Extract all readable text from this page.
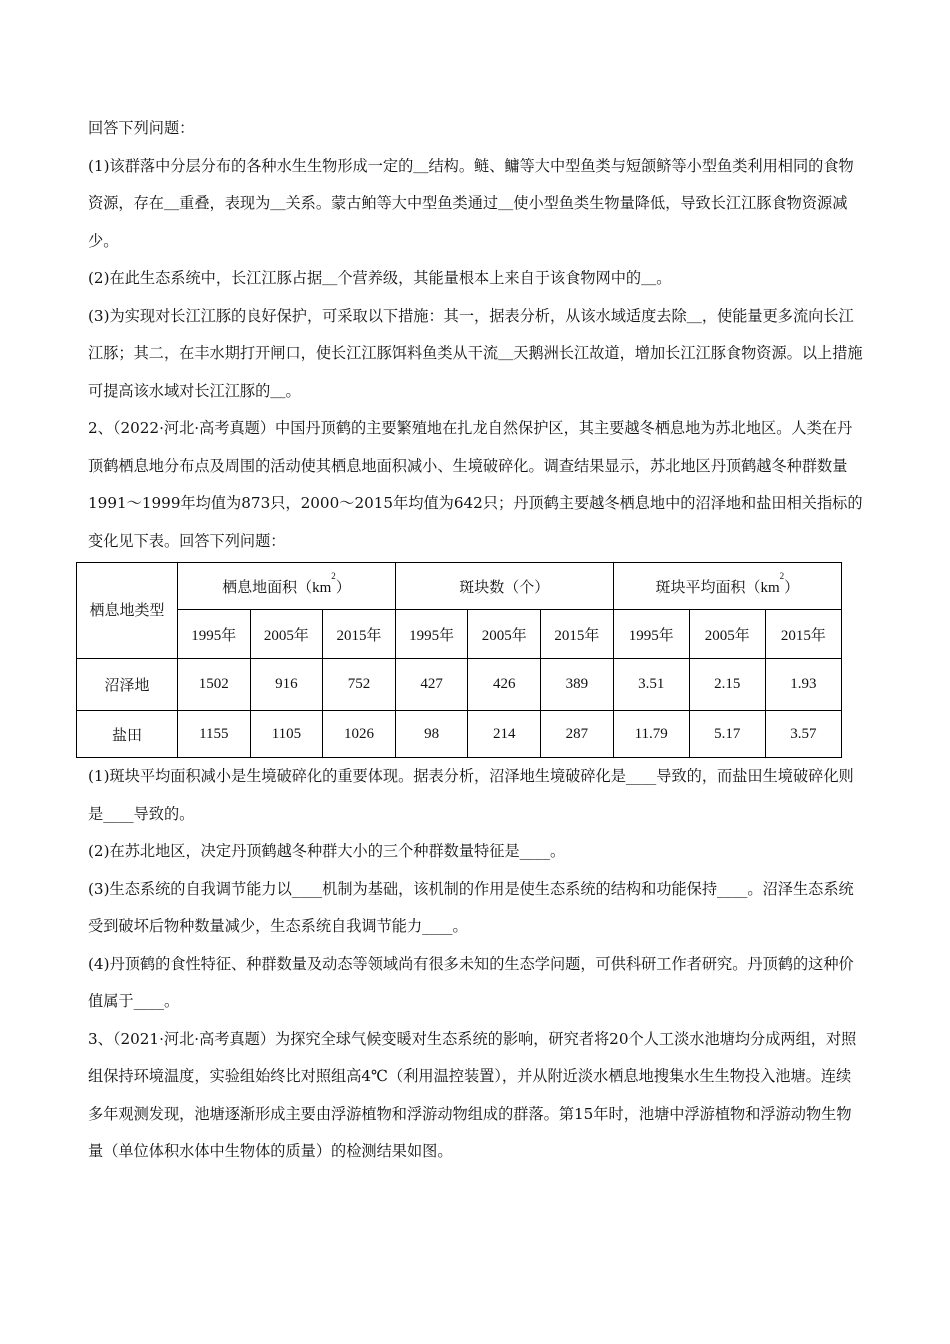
回答下列问题：

(1)该群落中分层分布的各种水生生物形成一定的＿结构。鲢、鳙等大中型鱼类与短颌鲚等小型鱼类利用相同的食物资源，存在＿重叠，表现为＿关系。蒙古鲌等大中型鱼类通过＿使小型鱼类生物量降低，导致长江江豚食物资源减少。

(2)在此生态系统中，长江江豚占据＿个营养级，其能量根本上来自于该食物网中的＿。

(3)为实现对长江江豚的良好保护，可采取以下措施：其一，据表分析，从该水域适度去除＿，使能量更多流向长江江豚；其二，在丰水期打开闸口，使长江江豚饵料鱼类从干流＿天鹅洲长江故道，增加长江江豚食物资源。以上措施可提高该水域对长江江豚的＿。

2、（2022·河北·高考真题）中国丹顶鹤的主要繁殖地在扎龙自然保护区，其主要越冬栖息地为苏北地区。人类在丹顶鹤栖息地分布点及周围的活动使其栖息地面积减小、生境破碎化。调查结果显示，苏北地区丹顶鹤越冬种群数量1991～1999年均值为873只，2000～2015年均值为642只；丹顶鹤主要越冬栖息地中的沼泽地和盐田相关指标的变化见下表。回答下列问题：

栖息地类型	栖息地面积$(km^2)$			斑块数（个）			斑块平均面积$(km^2)$		
	1995年	2005年	2015年	1995年	2005年	2015年	1995年	2005年	2015年
沼泽地	1502	916	752	427	426	389	3.51	2.15	1.93
盐田	1155	1105	1026	98	214	287	11.79	5.17	3.57

(1)斑块平均面积减小是生境破碎化的重要体现。据表分析，沼泽地生境破碎化是____导致的，而盐田生境破碎化则是____导致的。

(2)在苏北地区，决定丹顶鹤越冬种群大小的三个种群数量特征是____。

(3)生态系统的自我调节能力以____机制为基础，该机制的作用是使生态系统的结构和功能保持____。沼泽生态系统受到破坏后物种数量减少，生态系统自我调节能力____。

(4)丹顶鹤的食性特征、种群数量及动态等领域尚有很多未知的生态学问题，可供科研工作者研究。丹顶鹤的这种价值属于____。

3、（2021·河北·高考真题）为探究全球气候变暖对生态系统的影响，研究者将20个人工淡水池塘均分成两组，对照组保持环境温度，实验组始终比对照组高4℃（利用温控装置），并从附近淡水栖息地搜集水生生物投入池塘。连续多年观测发现，池塘逐渐形成主要由浮游植物和浮游动物组成的群落。第15年时，池塘中浮游植物和浮游动物生物量（单位体积水体中生物体的质量）的检测结果如图。
